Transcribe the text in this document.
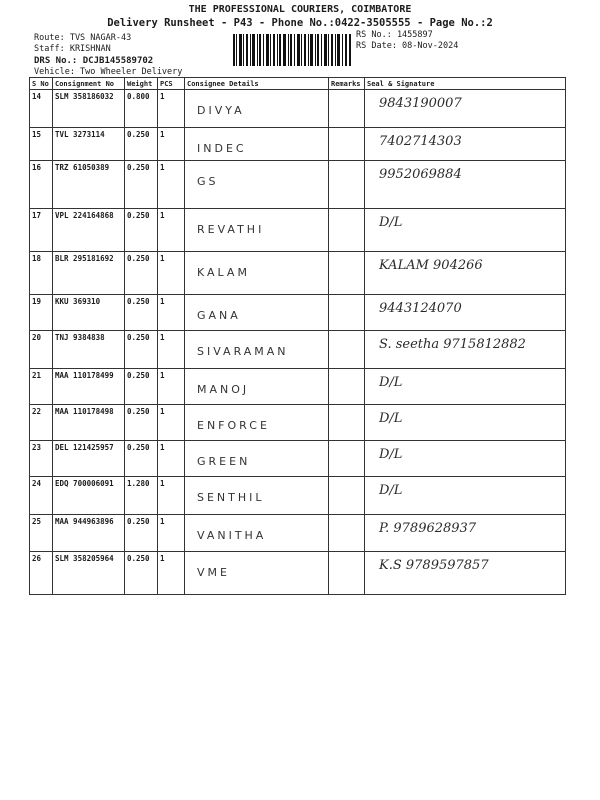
THE PROFESSIONAL COURIERS, COIMBATORE
Delivery Runsheet - P43 - Phone No.:0422-3505555 - Page No.:2
Route: TVS NAGAR-43
Staff: KRISHNAN
DRS No.: DCJB145589702
Vehicle: Two Wheeler Delivery
RS No.: 1455897
RS Date: 08-Nov-2024
S No	Consignment No	Weight	PCS	Consignee Details	Remarks	Seal & Signature
14	SLM 358186032	0.800	1	DIVYA		9843190007

15	TVL 3273114	0.250	1	INDEC		7402714303

16	TRZ 61050389	0.250	1	GS		9952069884

17	VPL 224164868	0.250	1	REVATHI		D/L

18	BLR 295181692	0.250	1	KALAM		KALAM 904266

19	KKU 369310	0.250	1	GANA		9443124070

20	TNJ 9384838	0.250	1	SIVARAMAN		S. seetha 9715812882

21	MAA 110178499	0.250	1	MANOJ		D/L

22	MAA 110178498	0.250	1	ENFORCE		D/L

23	DEL 121425957	0.250	1	GREEN		D/L

24	EDQ 700006091	1.280	1	SENTHIL		D/L

25	MAA 944963896	0.250	1	VANITHA		P. 9789628937

26	SLM 358205964	0.250	1	VME		K.S 9789597857
